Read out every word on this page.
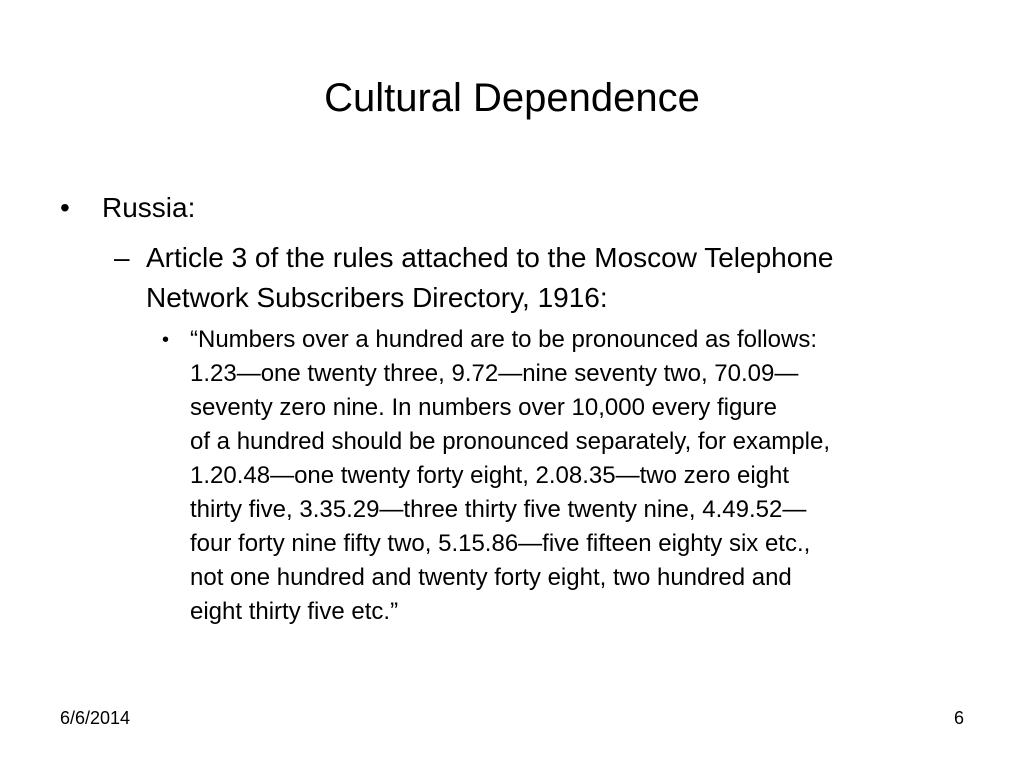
Cultural Dependence
•	Russia:
– Article 3 of the rules attached to the Moscow Telephone Network Subscribers Directory, 1916:
• “Numbers over a hundred are to be pronounced as follows:
1.23—one twenty three, 9.72—nine seventy two, 70.09—
seventy zero nine. In numbers over 10,000 every figure
of a hundred should be pronounced separately, for example,
1.20.48—one twenty forty eight, 2.08.35—two zero eight
thirty five, 3.35.29—three thirty five twenty nine, 4.49.52—
four forty nine fifty two, 5.15.86—five fifteen eighty six etc.,
not one hundred and twenty forty eight, two hundred and
eight thirty five etc.”
6/6/2014	6
